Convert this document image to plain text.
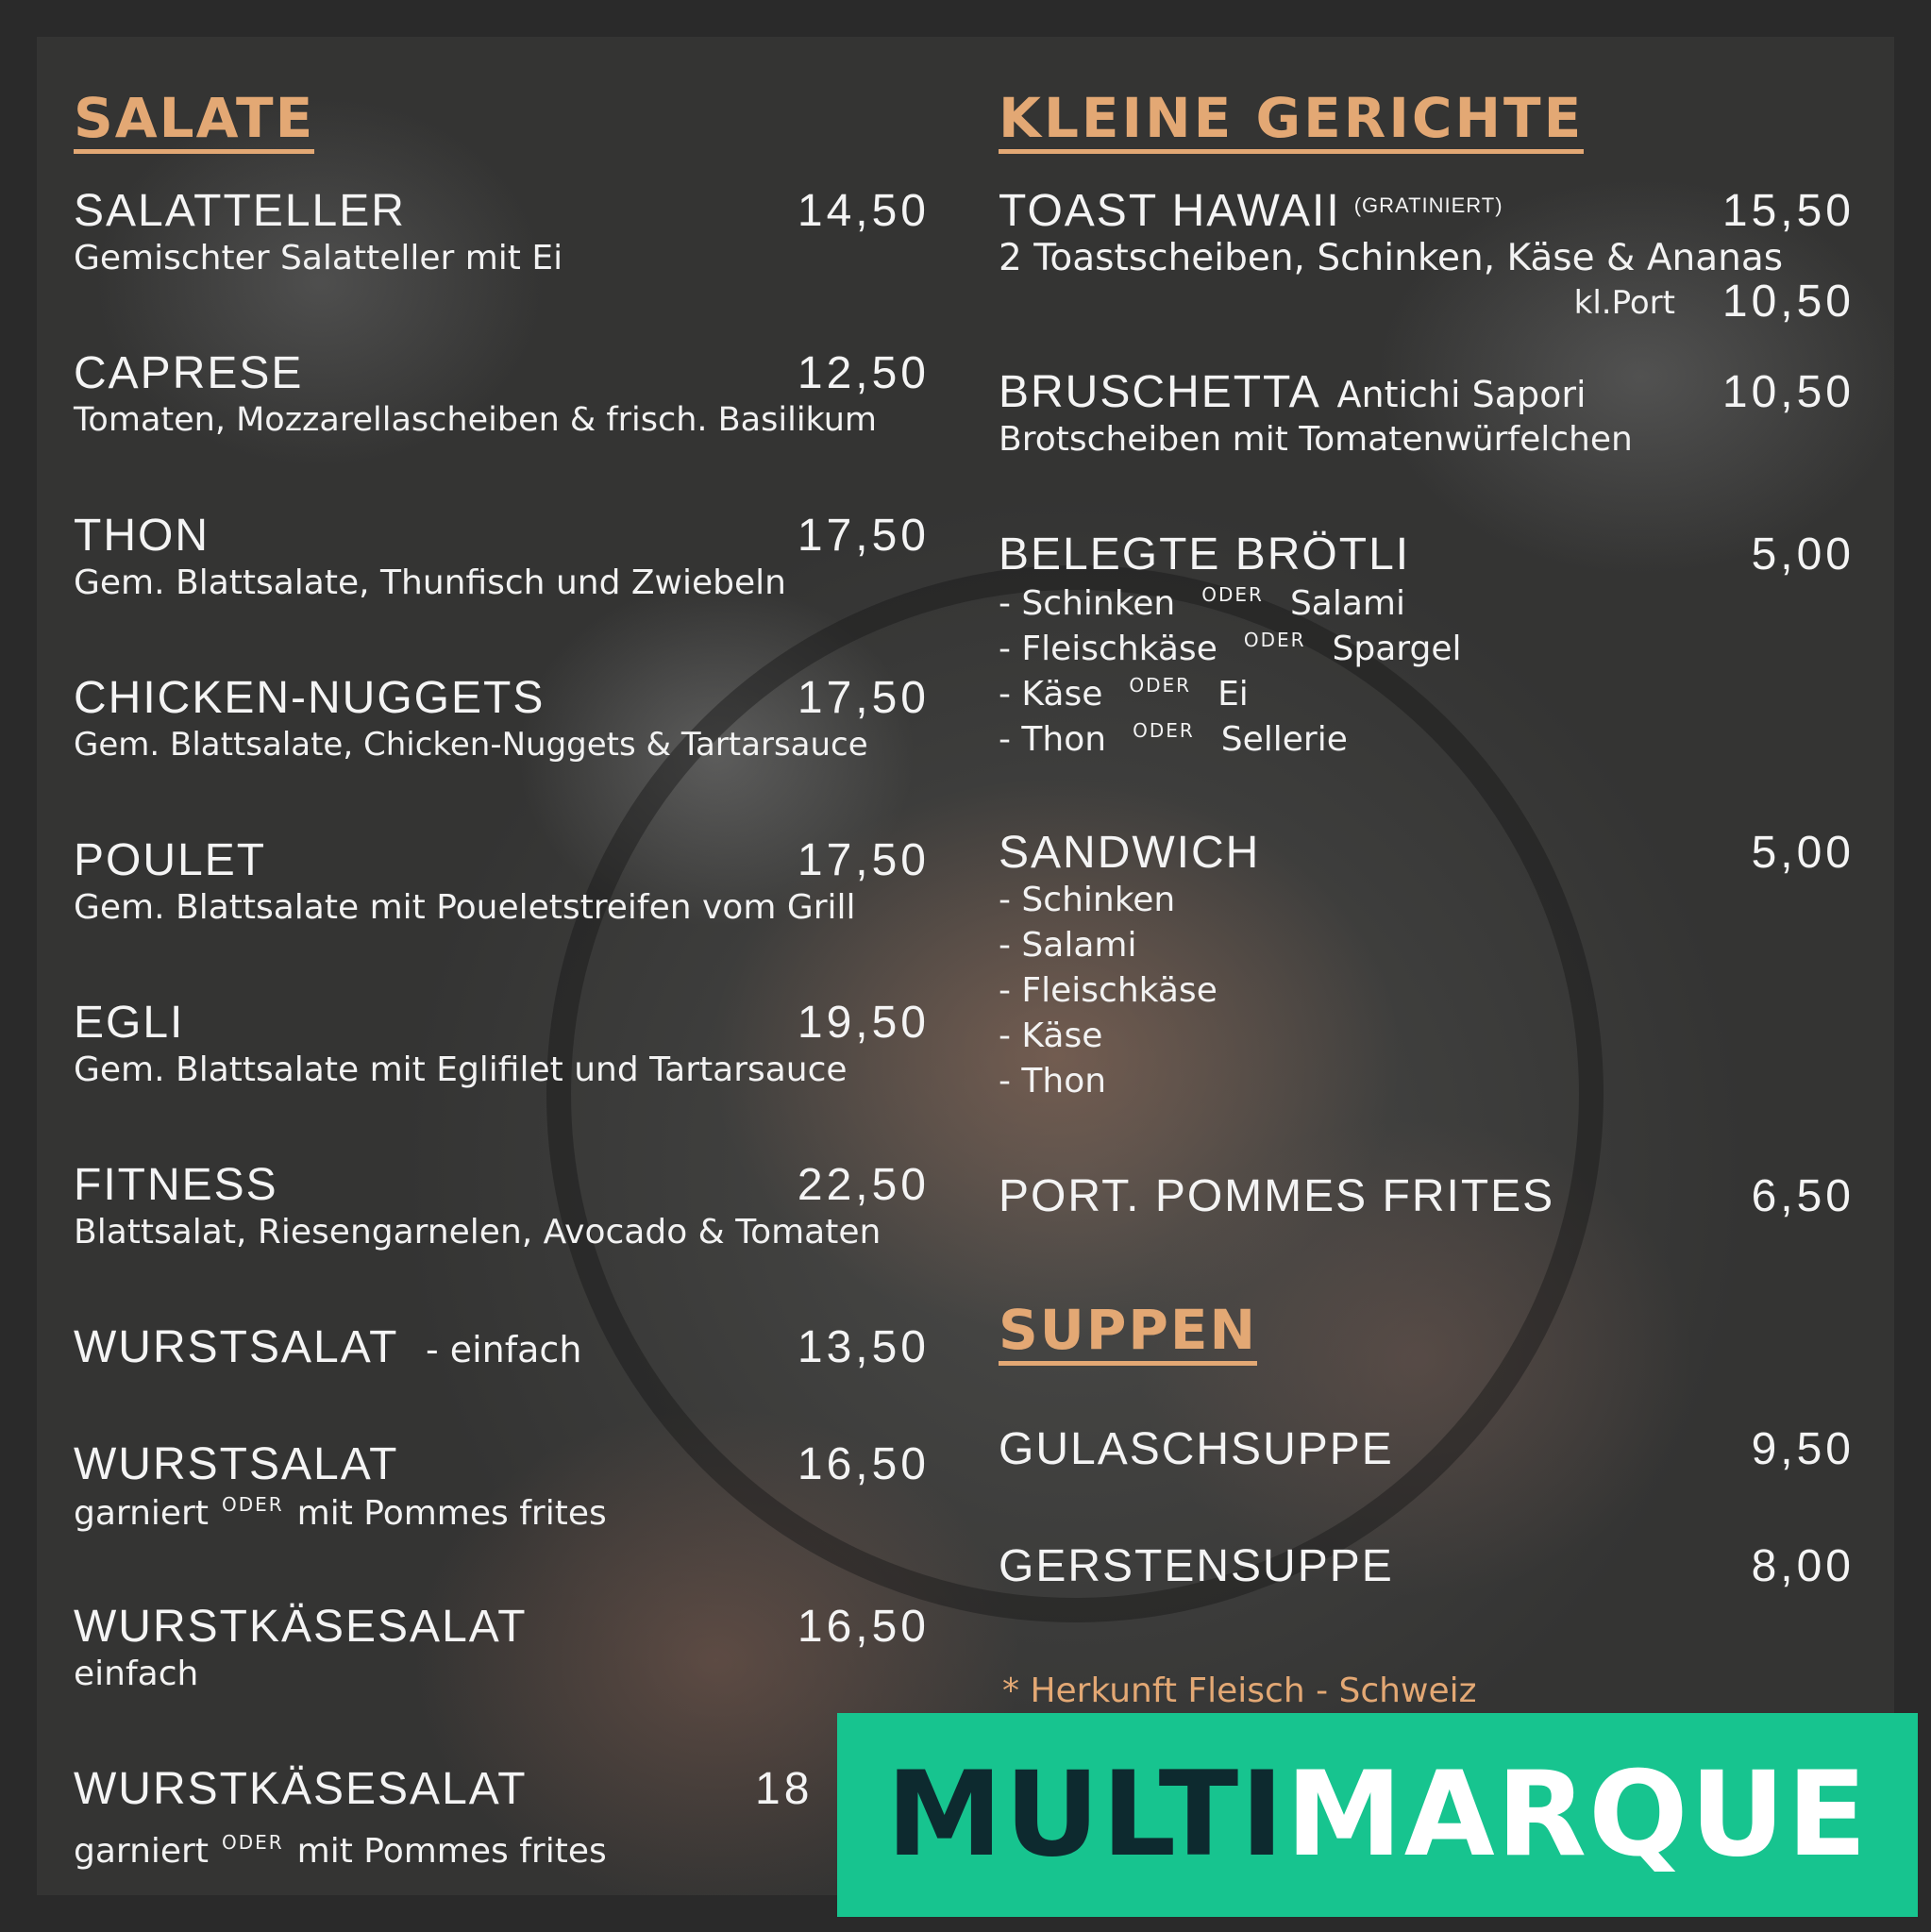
SALATE
SALATTELLER	14,50
Gemischter Salatteller mit Ei
CAPRESE	12,50
Tomaten, Mozzarellascheiben & frisch. Basilikum
THON	17,50
Gem. Blattsalate, Thunfisch und Zwiebeln
CHICKEN-NUGGETS	17,50
Gem. Blattsalate, Chicken-Nuggets & Tartarsauce
POULET	17,50
Gem. Blattsalate mit Poueletstreifen vom Grill
EGLI	19,50
Gem. Blattsalate mit Eglifilet und Tartarsauce
FITNESS	22,50
Blattsalat, Riesengarnelen, Avocado & Tomaten
WURSTSALAT - einfach	13,50
WURSTSALAT	16,50
garniert $^{ODER}$ mit Pommes frites
WURSTKÄSESALAT	16,50
einfach
WURSTKÄSESALAT	18
garniert $^{ODER}$ mit Pommes frites
KLEINE GERICHTE
TOAST HAWAII $^{(GRATINIERT)}$	15,50
2 Toastscheiben, Schinken, Käse & Ananas
kl.Port	10,50
BRUSCHETTA Antichi Sapori	10,50
Brotscheiben mit Tomatenwürfelchen
BELEGTE BRÖTLI	5,00
- Schinken $^{ODER}$ Salami
- Fleischkäse $^{ODER}$ Spargel
- Käse $^{ODER}$ Ei
- Thon $^{ODER}$ Sellerie
SANDWICH	5,00
- Schinken
- Salami
- Fleischkäse
- Käse
- Thon
PORT. POMMES FRITES	6,50
SUPPEN
GULASCHSUPPE	9,50
GERSTENSUPPE	8,00
* Herkunft Fleisch - Schweiz
MULTI MARQUE
